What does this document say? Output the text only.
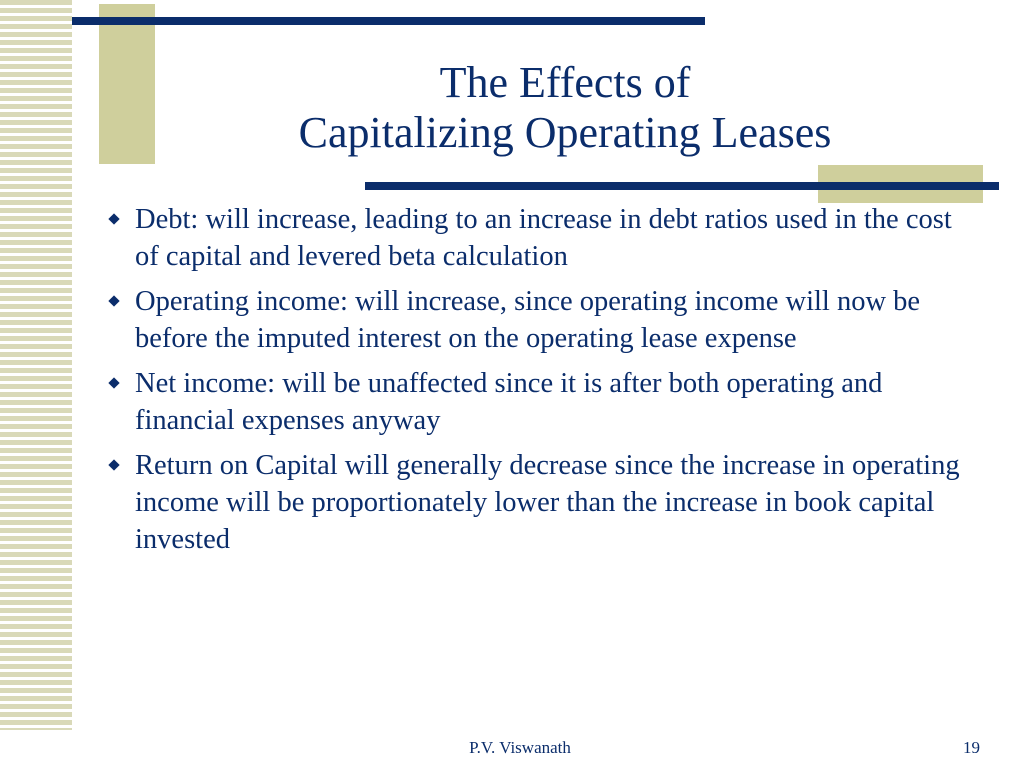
The Effects of
Capitalizing Operating Leases
Debt: will increase, leading to an increase in debt ratios used in the cost of capital and levered beta calculation
Operating income: will increase, since operating income will now be before the imputed interest on the operating lease expense
Net income: will be unaffected since it is after both operating and financial expenses anyway
Return on Capital will generally decrease since the increase in operating income will be proportionately lower than the increase in book capital invested
P.V. Viswanath	19
